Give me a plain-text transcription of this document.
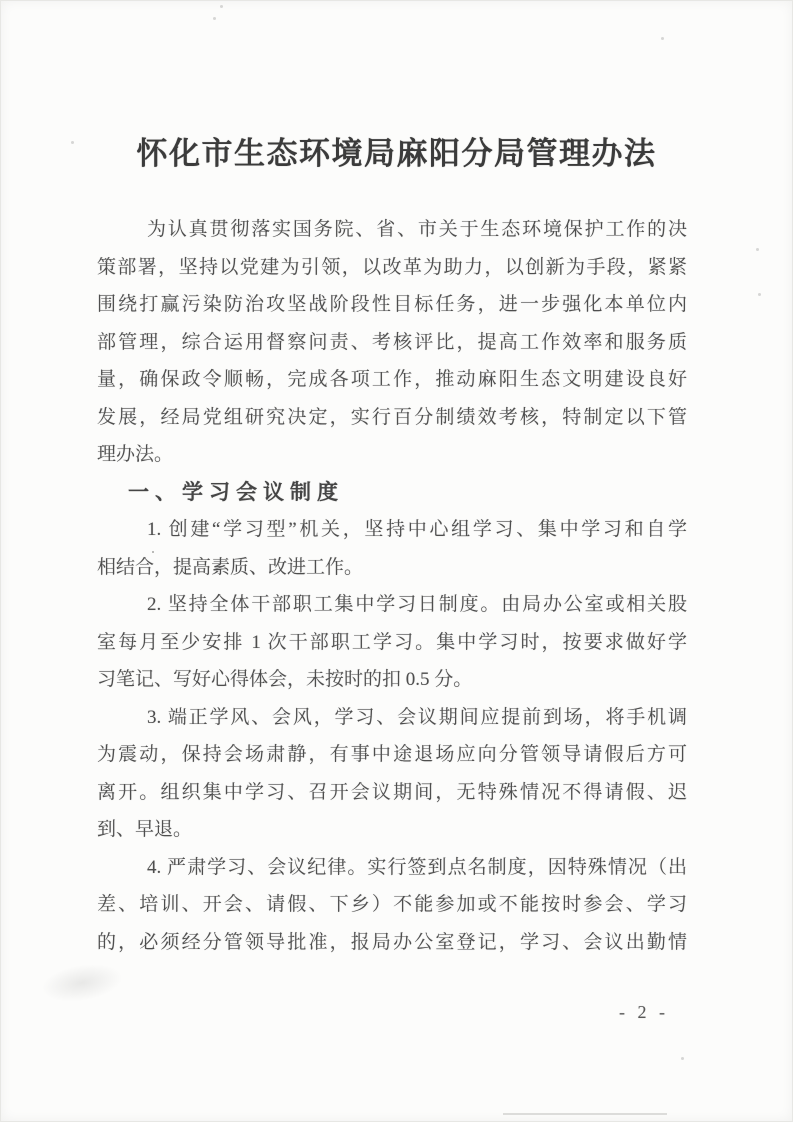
怀化市生态环境局麻阳分局管理办法
为认真贯彻落实国务院、省、市关于生态环境保护工作的决
策部署，坚持以党建为引领，以改革为助力，以创新为手段，紧紧
围绕打赢污染防治攻坚战阶段性目标任务，进一步强化本单位内
部管理，综合运用督察问责、考核评比，提高工作效率和服务质
量，确保政令顺畅，完成各项工作，推动麻阳生态文明建设良好
发展，经局党组研究决定，实行百分制绩效考核，特制定以下管
理办法。
一、学习会议制度
1. 创建“学习型”机关，坚持中心组学习、集中学习和自学
相结合，提高素质、改进工作。
2. 坚持全体干部职工集中学习日制度。由局办公室或相关股
室每月至少安排 1 次干部职工学习。集中学习时，按要求做好学
习笔记、写好心得体会，未按时的扣 0.5 分。
3. 端正学风、会风，学习、会议期间应提前到场，将手机调
为震动，保持会场肃静，有事中途退场应向分管领导请假后方可
离开。组织集中学习、召开会议期间，无特殊情况不得请假、迟
到、早退。
4. 严肃学习、会议纪律。实行签到点名制度，因特殊情况（出
差、培训、开会、请假、下乡）不能参加或不能按时参会、学习
的，必须经分管领导批准，报局办公室登记，学习、会议出勤情
- 2 -
